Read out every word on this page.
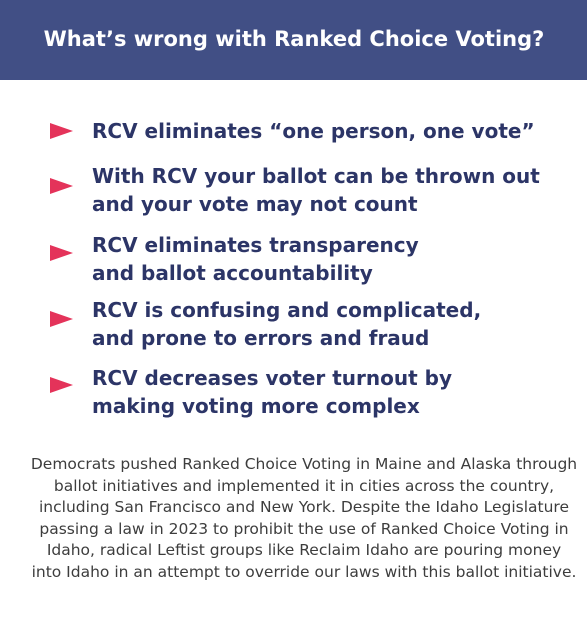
What’s wrong with Ranked Choice Voting?
RCV eliminates “one person, one vote”
With RCV your ballot can be thrown out
and your vote may not count
RCV eliminates transparency
and ballot accountability
RCV is confusing and complicated,
and prone to errors and fraud
RCV decreases voter turnout by
making voting more complex
Democrats pushed Ranked Choice Voting in Maine and Alaska through ballot initiatives and implemented it in cities across the country, including San Francisco and New York. Despite the Idaho Legislature passing a law in 2023 to prohibit the use of Ranked Choice Voting in Idaho, radical Leftist groups like Reclaim Idaho are pouring money into Idaho in an attempt to override our laws with this ballot initiative.
